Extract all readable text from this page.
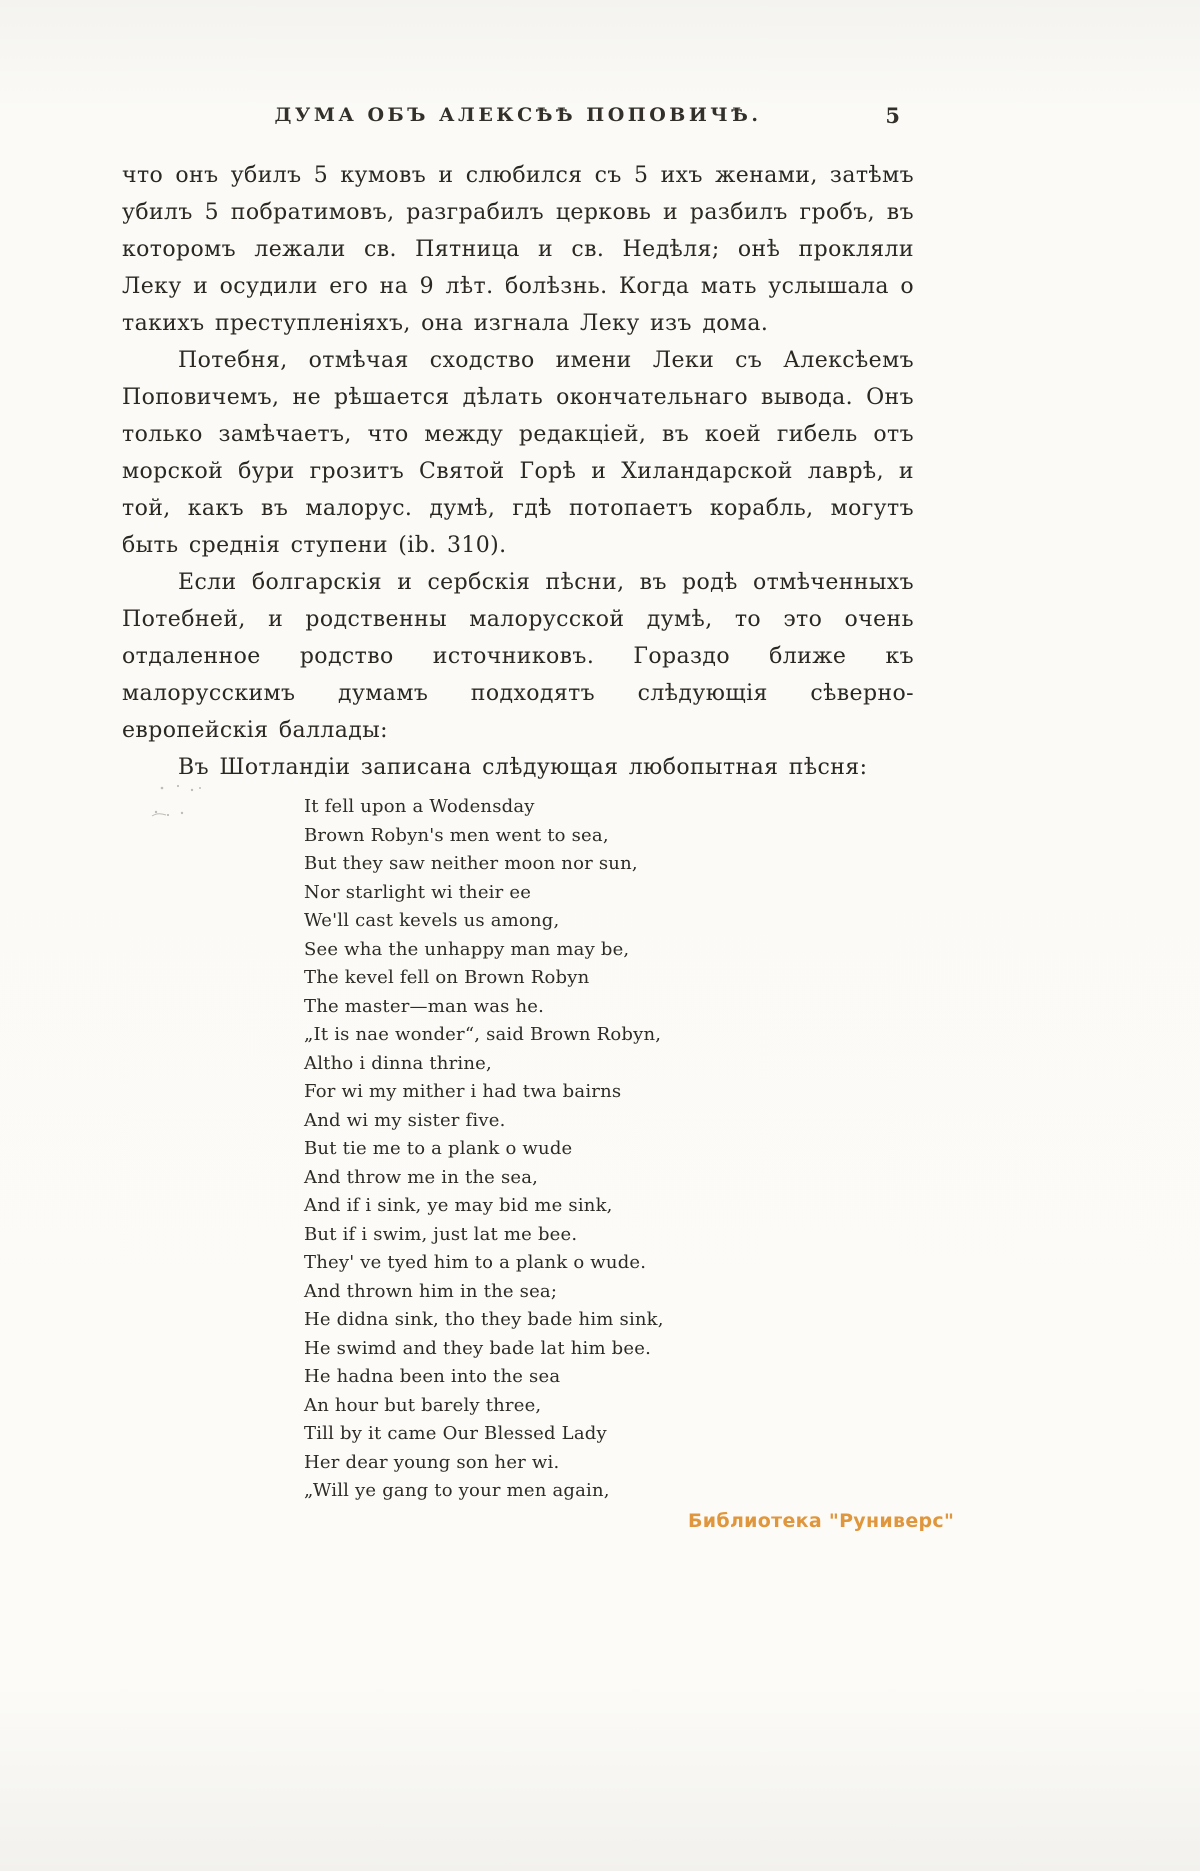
ДУМА ОБЪ АЛЕКСѢѢ ПОПОВИЧѢ.	5

что онъ убилъ 5 кумовъ и слюбился съ 5 ихъ женами, затѣмъ убилъ 5 побратимовъ, разграбилъ церковь и разбилъ гробъ, въ которомъ лежали св. Пятница и св. Недѣля; онѣ прокляли Леку и осудили его на 9 лѣт. болѣзнь. Когда мать услышала о такихъ преступленіяхъ, она изгнала Леку изъ дома.

Потебня, отмѣчая сходство имени Леки съ Алексѣемъ Поповичемъ, не рѣшается дѣлать окончательнаго вывода. Онъ только замѣчаетъ, что между редакціей, въ коей гибель отъ морской бури грозитъ Святой Горѣ и Хиландарской лаврѣ, и той, какъ въ малорус. думѣ, гдѣ потопаетъ корабль, могутъ быть среднія ступени (ib. 310).

Если болгарскія и сербскія пѣсни, въ родѣ отмѣченныхъ Потебней, и родственны малорусской думѣ, то это очень отдаленное родство источниковъ. Гораздо ближе къ малорусскимъ думамъ подходятъ слѣдующія сѣверно-европейскія баллады:

Въ Шотландіи записана слѣдующая любопытная пѣсня:

It fell upon a Wodensday
Brown Robyn's men went to sea,
But they saw neither moon nor sun,
Nor starlight wi their ee
We'll cast kevels us among,
See wha the unhappy man may be,
The kevel fell on Brown Robyn
The master—man was he.
„It is nae wonder“, said Brown Robyn,
Altho i dinna thrine,
For wi my mither i had twa bairns
And wi my sister five.
But tie me to a plank o wude
And throw me in the sea,
And if i sink, ye may bid me sink,
But if i swim, just lat me bee.
They' ve tyed him to a plank o wude.
And thrown him in the sea;
He didna sink, tho they bade him sink,
He swimd and they bade lat him bee.
He hadna been into the sea
An hour but barely three,
Till by it came Our Blessed Lady
Her dear young son her wi.
„Will ye gang to your men again,
Библиотека "Руниверс"
